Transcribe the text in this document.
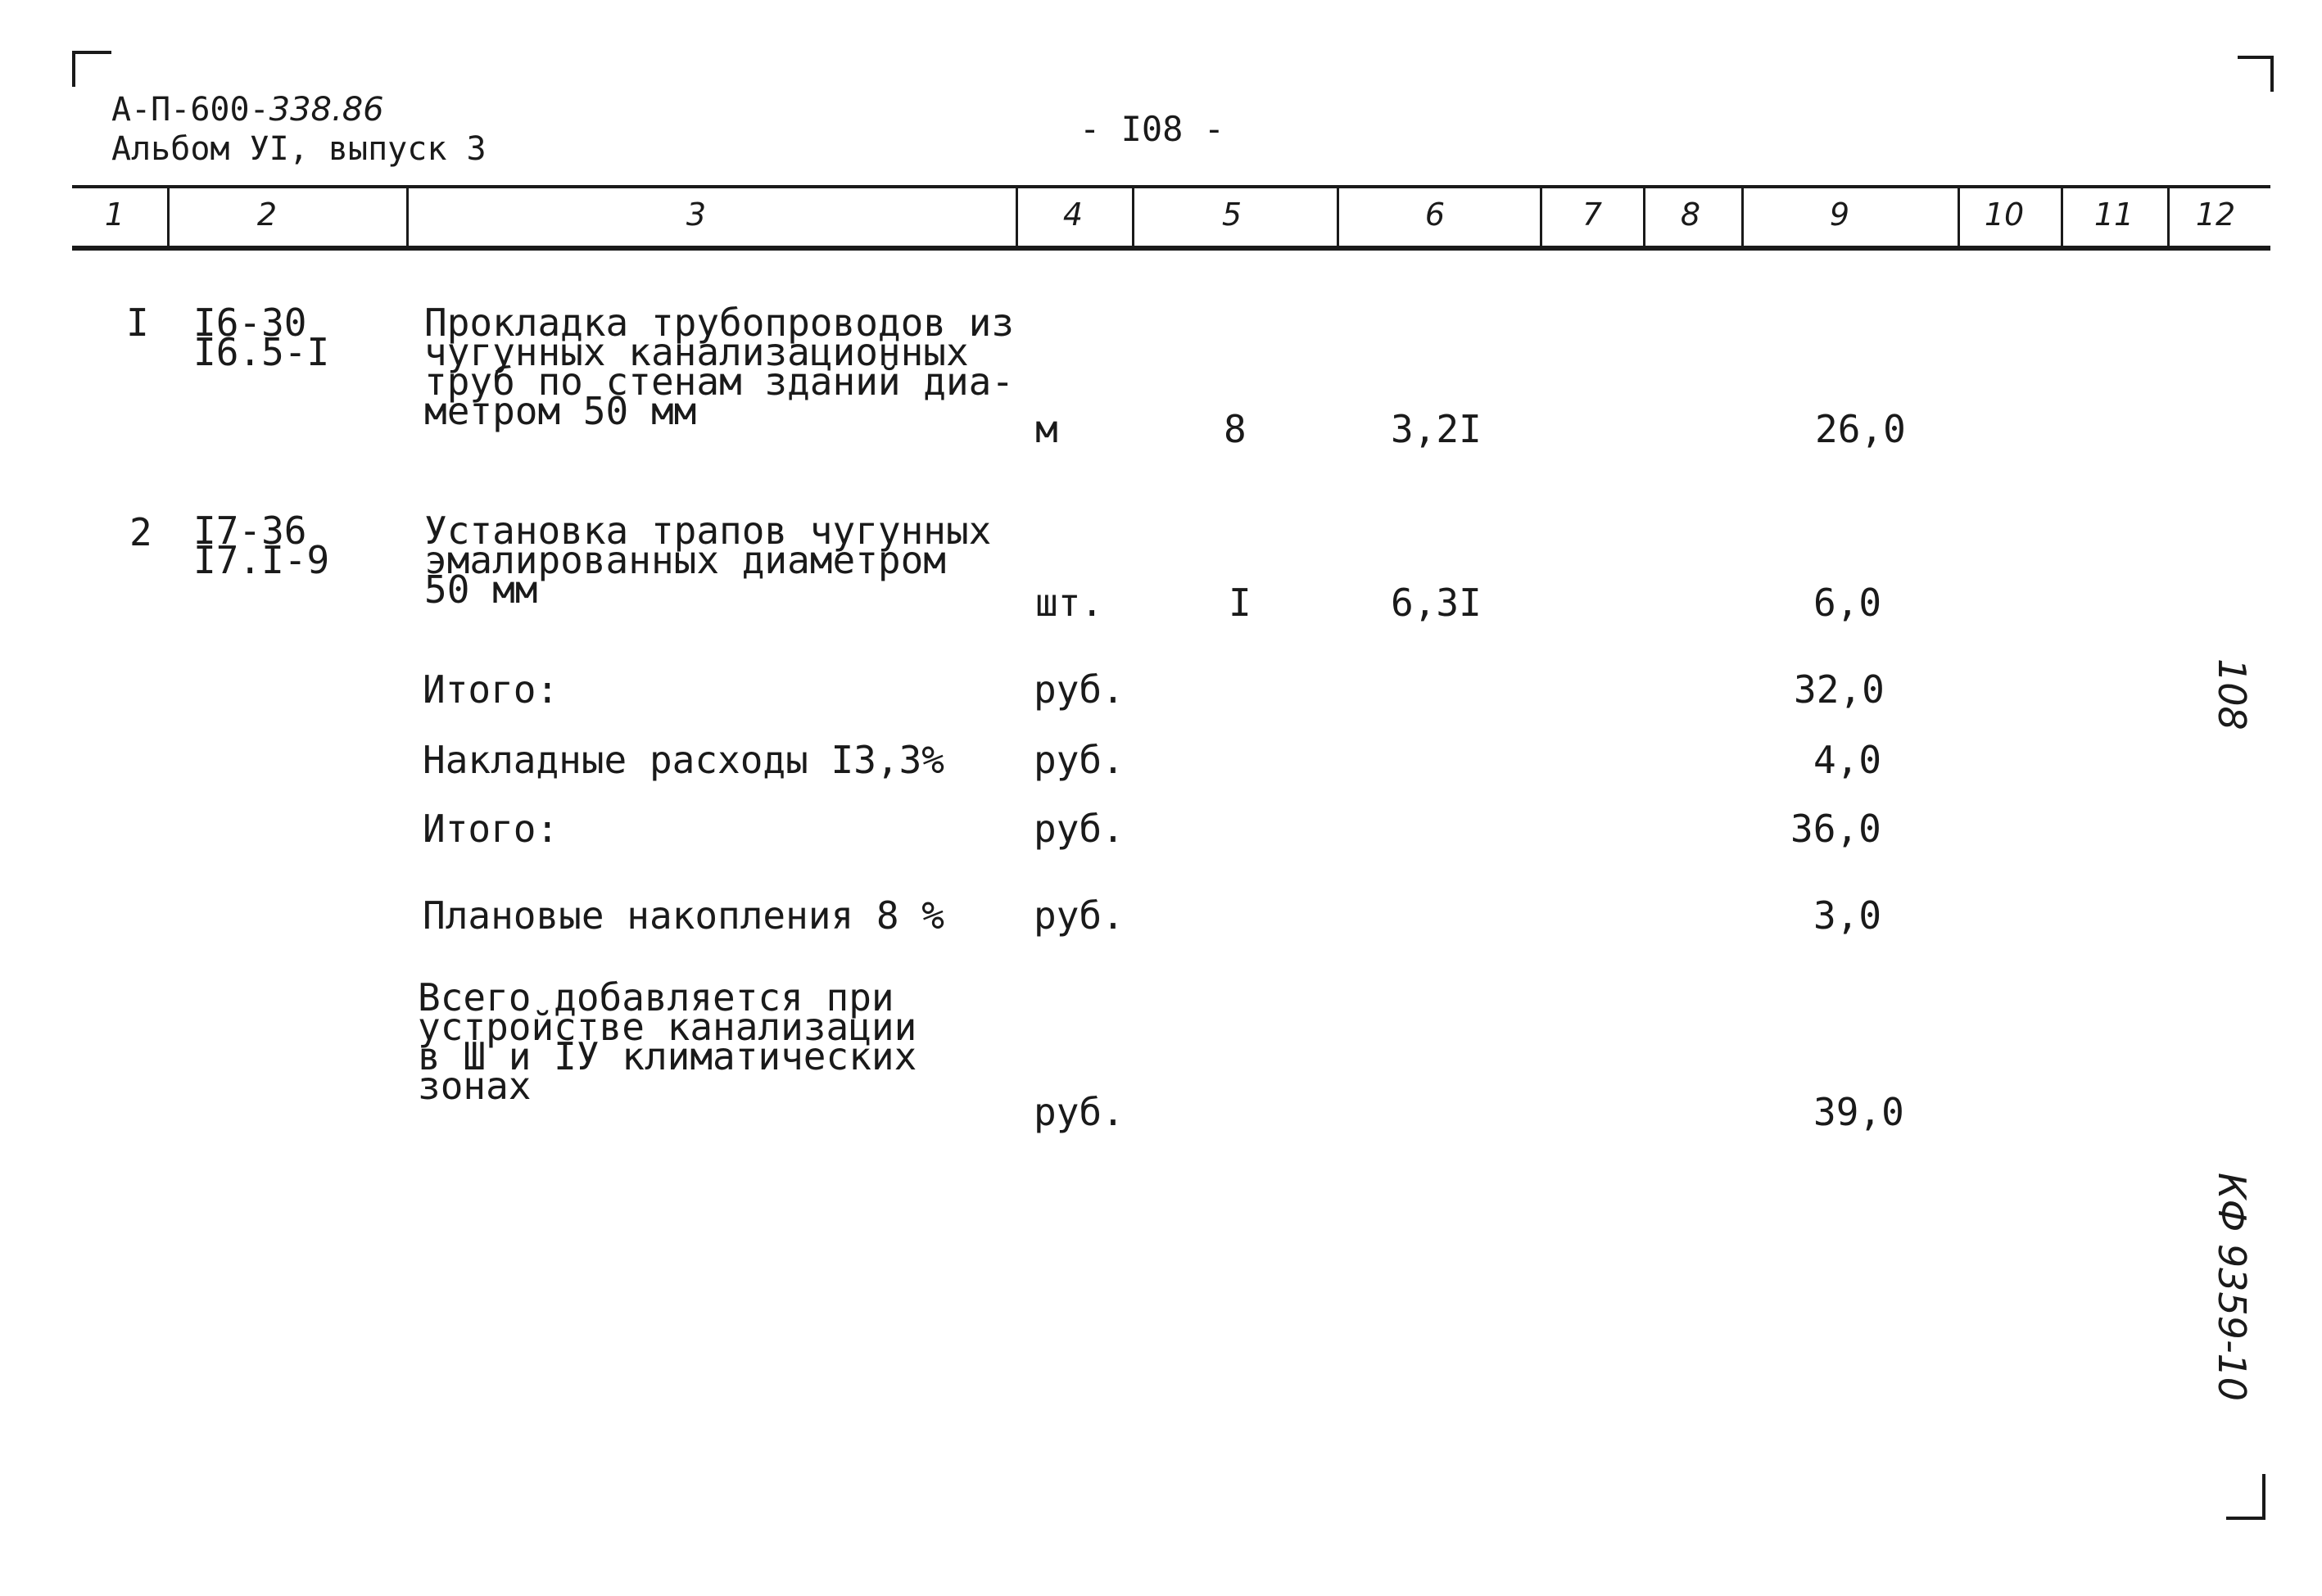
А-П-600-338.86
Альбом УI, выпуск 3	- I08 -
1	2	3	4	5	6	7	8	9	10 11 12
I I6-30
I6.5-I
Прокладка трубопроводов из
чугунных канализационных
труб по стенам зданий диа-
метром 50 мм	м	8	3,2I	26,0
2 I7-36
I7.I-9
Установка трапов чугунных
эмалированных диаметром
50 мм	шт.	I	6,3I	6,0
Итого:	руб.	32,0
Накладные расходы I3,3% руб.	4,0
Итого:	руб.	36,0
Плановые накопления 8 % руб.	3,0
Всего добавляется при
устройстве канализации
в Ш и IУ климатических
зонах
руб.	39,0
108
КФ 9359-10
